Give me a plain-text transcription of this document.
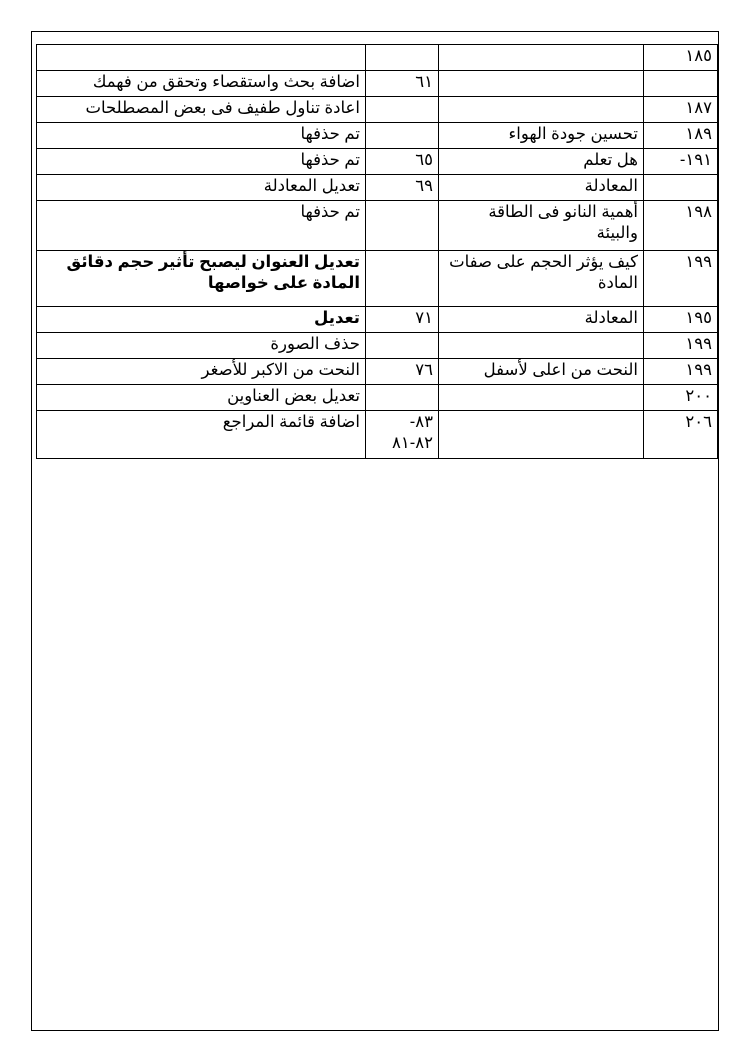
١٨٥			
		٦١	اضافة بحث واستقصاء وتحقق من فهمك
١٨٧			اعادة تناول طفيف فى بعض المصطلحات
١٨٩	تحسين جودة الهواء		تم حذفها
١٩١-	هل تعلم	٦٥	تم حذفها
	المعادلة	٦٩	تعديل المعادلة
١٩٨	أهمية النانو فى الطاقة والبيئة		تم حذفها
١٩٩	كيف يؤثر الحجم على صفات المادة		تعديل العنوان ليصبح تأثير حجم دقائق المادة على خواصها
١٩٥	المعادلة	٧١	تعديل
١٩٩			حذف الصورة
١٩٩	النحت من اعلى لأسفل	٧٦	النحت من الاكبر للأصغر
٢٠٠			تعديل بعض العناوين
٢٠٦		٨٣- ٨٢-٨١	اضافة قائمة المراجع
